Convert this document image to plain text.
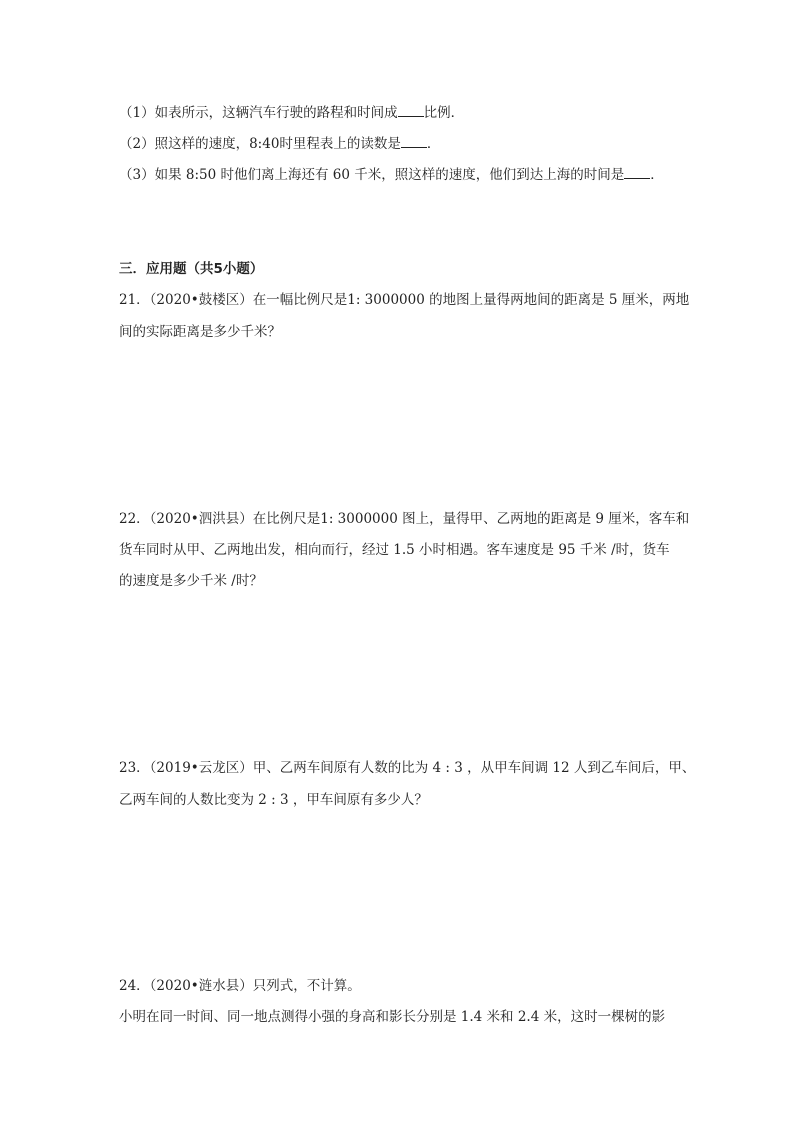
（1）如表所示，这辆汽车行驶的路程和时间成 比例．

（2）照这样的速度，8:40时里程表上的读数是 ．

（3）如果 8:50 时他们离上海还有 60 千米，照这样的速度，他们到达上海的时间是 ．

三．应用题（共5小题）

21．（2020•鼓楼区）在一幅比例尺是1: 3000000 的地图上量得两地间的距离是 5 厘米，两地

间的实际距离是多少千米？

22．（2020•泗洪县）在比例尺是1: 3000000 图上，量得甲、乙两地的距离是 9 厘米，客车和

货车同时从甲、乙两地出发，相向而行，经过 1.5 小时相遇。客车速度是 95 千米 /时，货车

的速度是多少千米 /时？

23．（2019•云龙区）甲、乙两车间原有人数的比为 4 : 3 ，从甲车间调 12 人到乙车间后，甲、

乙两车间的人数比变为 2 : 3 ，甲车间原有多少人？

24．（2020•涟水县）只列式，不计算。

小明在同一时间、同一地点测得小强的身高和影长分别是 1.4 米和 2.4 米，这时一棵树的影
